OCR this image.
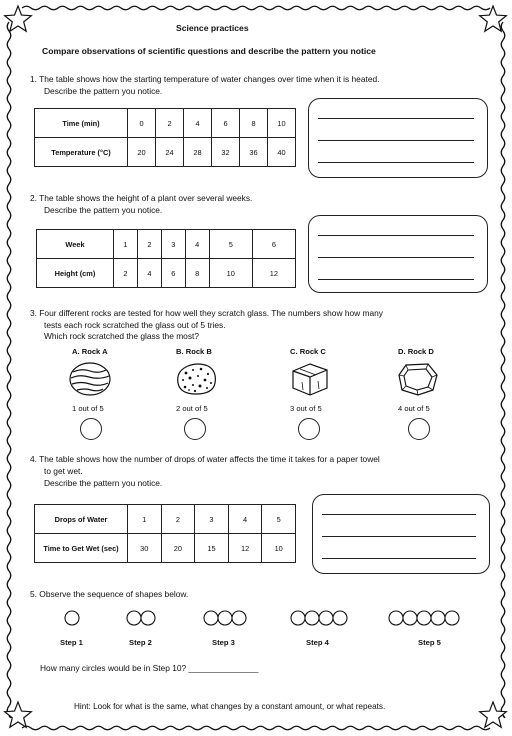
Science practices
Compare observations of scientific questions and describe the pattern you notice
1. The table shows how the starting temperature of water changes over time when it is heated.
Describe the pattern you notice.
Time (min)	0	2	4	6	8	10
Temperature (°C)	20	24	28	32	36	40
2. The table shows the height of a plant over several weeks.
Describe the pattern you notice.
Week	1	2	3	4	5	6
Height (cm)	2	4	6	8	10	12
3. Four different rocks are tested for how well they scratch glass. The numbers show how many
tests each rock scratched the glass out of 5 tries.
Which rock scratched the glass the most?
A. Rock A	B. Rock B	C. Rock C	D. Rock D
1 out of 5	2 out of 5	3 out of 5	4 out of 5
4. The table shows how the number of drops of water affects the time it takes for a paper towel
to get wet.
Describe the pattern you notice.
Drops of Water	1	2	3	4	5
Time to Get Wet (sec)	30	20	15	12	10
5. Observe the sequence of shapes below.
Step 1	Step 2	Step 3	Step 4	Step 5
How many circles would be in Step 10? _______________
Hint: Look for what is the same, what changes by a constant amount, or what repeats.
